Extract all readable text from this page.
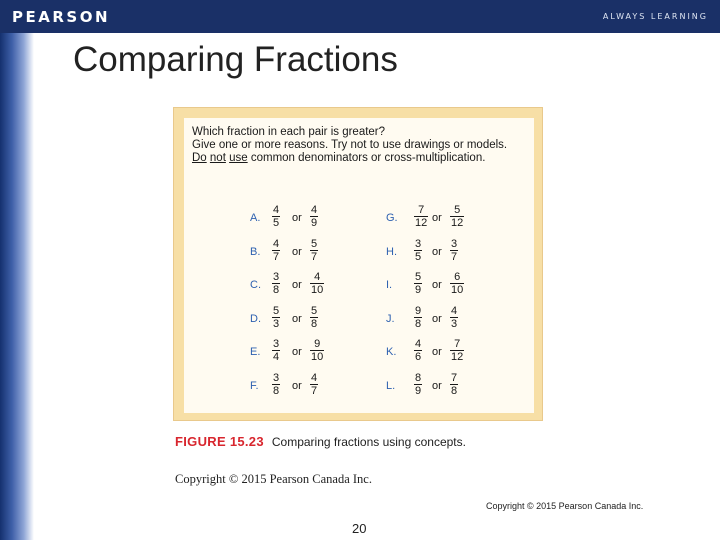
PEARSON	ALWAYS LEARNING
Comparing Fractions
Which fraction in each pair is greater?
Give one or more reasons. Try not to use drawings or models.
Do not use common denominators or cross-multiplication.
A. $\frac{4}{5}$ or $\frac{4}{9}$
B. $\frac{4}{7}$ or $\frac{5}{7}$
C. $\frac{3}{8}$ or $\frac{4}{10}$
D. $\frac{5}{3}$ or $\frac{5}{8}$
E. $\frac{3}{4}$ or $\frac{9}{10}$
F. $\frac{3}{8}$ or $\frac{4}{7}$
G. $\frac{7}{12}$ or $\frac{5}{12}$
H. $\frac{3}{5}$ or $\frac{3}{7}$
I. $\frac{5}{9}$ or $\frac{6}{10}$
J. $\frac{9}{8}$ or $\frac{4}{3}$
K. $\frac{4}{6}$ or $\frac{7}{12}$
L. $\frac{8}{9}$ or $\frac{7}{8}$
FIGURE 15.23 Comparing fractions using concepts.
Copyright © 2015 Pearson Canada Inc.
Copyright © 2015 Pearson Canada Inc.
20
